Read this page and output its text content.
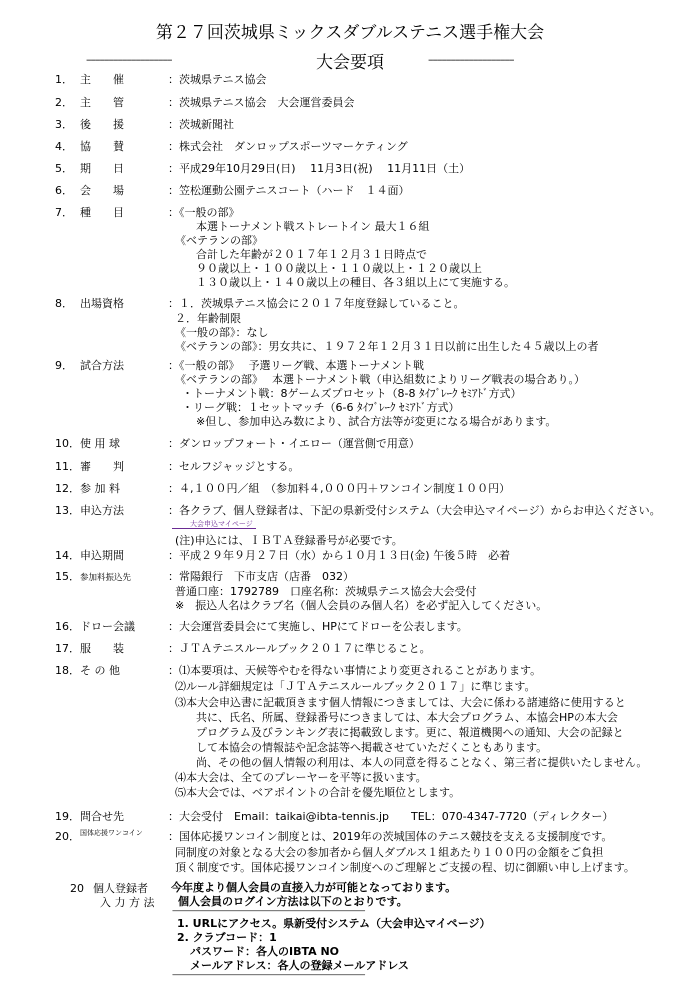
第２７回茨城県ミックスダブルステニス選手権大会
–––––––––––––––––––	大会要項	–––––––––––––––––––
1． 主　　催	：茨城県テニス協会
2． 主　　管	：茨城県テニス協会　大会運営委員会
3． 後　　援	：茨城新聞社
4． 協　　賛	：株式会社　ダンロップスポーツマーケティング
5． 期　　日	：平成29年10月29日(日)　 11月3日(祝)　 11月11日（土）
6． 会　　場	：笠松運動公園テニスコート（ハード　１４面）
7． 種　　目	：《一般の部》
本選トーナメント戦ストレートイン 最大１６組
《ベテランの部》
合計した年齢が２０１７年１２月３１日時点で
９０歳以上・１００歳以上・１１０歳以上・１２０歳以上
１３０歳以上・１４０歳以上の種目、各３組以上にて実施する。
8． 出場資格	：１．茨城県テニス協会に２０１７年度登録していること。
２．年齢制限
《一般の部》：なし
《ベテランの部》：男女共に、１９７２年１２月３１日以前に出生した４５歳以上の者
9． 試合方法	：《一般の部》　 予選リーグ戦、本選トーナメント戦
《ベテランの部》　 本選トーナメント戦（申込組数によりリーグ戦表の場合あり。）
・トーナメント戦：8ゲームズプロセット（8-8 ﾀｲﾌﾞﾚｰｸ ｾﾐｱﾄﾞ方式）
・リーグ戦：１セットマッチ（6-6 ﾀｲﾌﾞﾚｰｸ ｾﾐｱﾄﾞ方式）
※但し、参加申込み数により、試合方法等が変更になる場合があります。
10． 使 用 球	：ダンロップフォート・イエロー（運営側で用意）
11． 審　　判	：セルフジャッジとする。
12． 参 加 料	：４,１００円／組　（参加料４,０００円＋ワンコイン制度１００円）
13． 申込方法	：各クラブ、個人登録者は、下記の県新受付システム（大会申込マイページ）からお申込ください。
大会申込マイページ
(注)申込には、ＩＢＴＡ登録番号が必要です。
14． 申込期間	：平成２９年９月２７日（水）から１０月１３日(金) 午後５時　必着
15． 参加料振込先	：常陽銀行　下市支店（店番　032）
普通口座：1792789　口座名称：茨城県テニス協会大会受付
※　振込人名はクラブ名（個人会員のみ個人名）を必ず記入してください。
16． ドロー会議	：大会運営委員会にて実施し、HPにてドローを公表します。
17． 服　　装	：ＪＴＡテニスルールブック２０１７に準じること。
18． そ の 他	：⑴本要項は、天候等やむを得ない事情により変更されることがあります。
⑵ルール詳細規定は「ＪＴＡテニスルールブック２０１７」に準じます。
⑶本大会申込書に記載頂きます個人情報につきましては、大会に係わる諸連絡に使用すると
共に、氏名、所属、登録番号につきましては、本大会プログラム、本協会HPの本大会
プログラム及びランキング表に掲載致します。更に、報道機関への通知、大会の記録と
して本協会の情報誌や記念誌等へ掲載させていただくこともあります。
尚、その他の個人情報の利用は、本人の同意を得ることなく、第三者に提供いたしません。
⑷本大会は、全てのプレーヤーを平等に扱います。
⑸本大会では、ベアポイントの合計を優先順位とします。
19． 問合せ先	：大会受付　Email：taikai@ibta-tennis.jp　　TEL：070-4347-7720（ディレクター）
20． 国体応援ワンコイン	：国体応援ワンコイン制度とは、2019年の茨城国体のテニス競技を支える支援制度です。
同制度の対象となる大会の参加者から個人ダブルス１組あたり１００円の金額をご負担
頂く制度です。国体応援ワンコイン制度へのご理解とご支援の程、切に御願い申し上げます。
20 個人登録者
入 力 方 法
今年度より個人会員の直接入力が可能となっております。
個人会員のログイン方法は以下のとおりです。
–––––––––––––––––––––––––––––––––––––––––––––––––––––––
1. URLにアクセス。県新受付システム（大会申込マイページ）
2. クラブコード：1
パスワード：各人のIBTA NO
メールアドレス：各人の登録メールアドレス
–––––––––––––––––––––––––––––––––––––––––––––––––––––––
